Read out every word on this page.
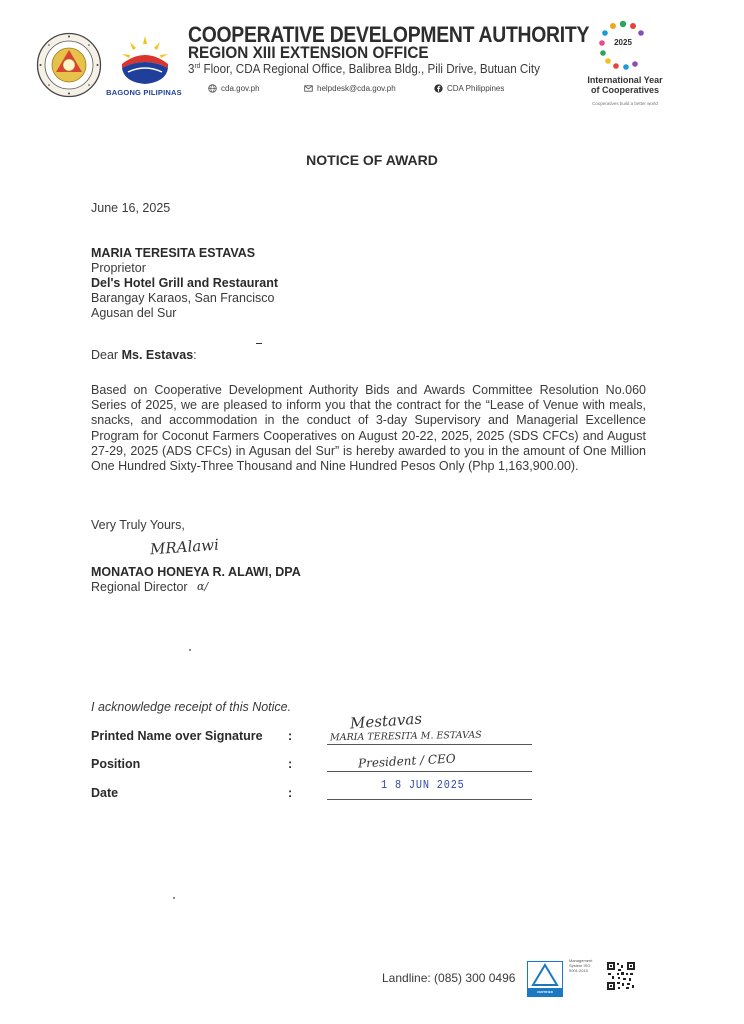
BAGONG PILIPINAS
COOPERATIVE DEVELOPMENT AUTHORITY
REGION XIII EXTENSION OFFICE
3rd Floor, CDA Regional Office, Balibrea Bldg., Pili Drive, Butuan City
cda.gov.ph	helpdesk@cda.gov.ph	CDA Philippines
2025
International Year
of Cooperatives
Cooperatives build a better world
NOTICE OF AWARD
June 16, 2025
MARIA TERESITA ESTAVAS
Proprietor
Del's Hotel Grill and Restaurant
Barangay Karaos, San Francisco
Agusan del Sur
Dear Ms. Estavas:
Based on Cooperative Development Authority Bids and Awards Committee Resolution No.060 Series of 2025, we are pleased to inform you that the contract for the “Lease of Venue with meals, snacks, and accommodation in the conduct of 3-day Supervisory and Managerial Excellence Program for Coconut Farmers Cooperatives on August 20-22, 2025, 2025 (SDS CFCs) and August 27-29, 2025 (ADS CFCs) in Agusan del Sur” is hereby awarded to you in the amount of One Million One Hundred Sixty-Three Thousand and Nine Hundred Pesos Only (Php 1,163,900.00).
Very Truly Yours,
MRAlawi
MONATAO HONEYA R. ALAWI, DPA
Regional Director ɑ/
I acknowledge receipt of this Notice.
Printed Name over Signature :
Mestavas
MARIA TERESITA M. ESTAVAS
Position	:	President / CEO
Date	:
1 8 JUN 2025
Landline: (085) 300 0496	TÜVRheinland
CERTIFIED
Management System ISO 9001:2015
